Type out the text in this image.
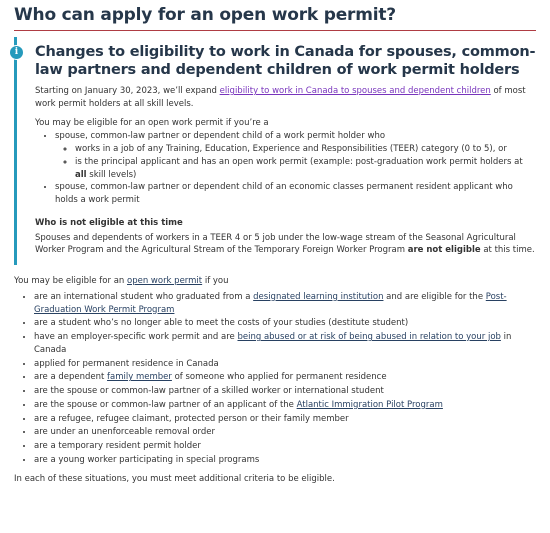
Who can apply for an open work permit?
i	Changes to eligibility to work in Canada for spouses, common-law partners and dependent children of work permit holders

Starting on January 30, 2023, we’ll expand eligibility to work in Canada to spouses and dependent children of most work permit holders at all skill levels.

You may be eligible for an open work permit if you’re a

• spouse, common-law partner or dependent child of a work permit holder who
◦ works in a job of any Training, Education, Experience and Responsibilities (TEER) category (0 to 5), or
◦ is the principal applicant and has an open work permit (example: post-graduation work permit holders at all skill levels)
• spouse, common-law partner or dependent child of an economic classes permanent resident applicant who holds a work permit
Who is not eligible at this time

Spouses and dependents of workers in a TEER 4 or 5 job under the low-wage stream of the Seasonal Agricultural Worker Program and the Agricultural Stream of the Temporary Foreign Worker Program are not eligible at this time.

You may be eligible for an open work permit if you

• are an international student who graduated from a designated learning institution and are eligible for the Post-Graduation Work Permit Program
• are a student who’s no longer able to meet the costs of your studies (destitute student)
• have an employer-specific work permit and are being abused or at risk of being abused in relation to your job in Canada
• applied for permanent residence in Canada
• are a dependent family member of someone who applied for permanent residence
• are the spouse or common-law partner of a skilled worker or international student
• are the spouse or common-law partner of an applicant of the Atlantic Immigration Pilot Program
• are a refugee, refugee claimant, protected person or their family member
• are under an unenforceable removal order
• are a temporary resident permit holder
• are a young worker participating in special programs

In each of these situations, you must meet additional criteria to be eligible.
